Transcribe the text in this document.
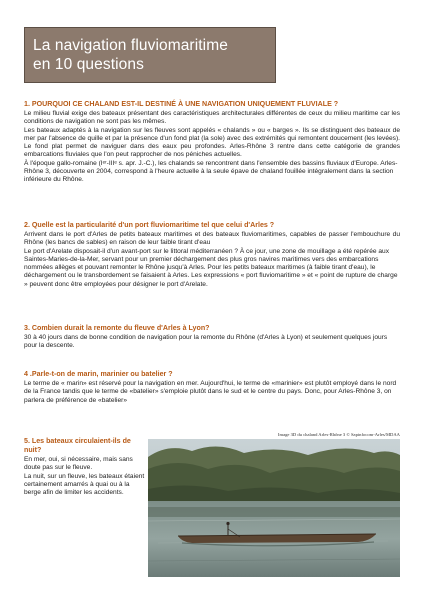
La navigation fluviomaritime
en 10 questions

1. POURQUOI CE CHALAND EST-IL DESTINÉ À UNE NAVIGATION UNIQUEMENT FLUVIALE ?

Le milieu fluvial exige des bateaux présentant des caractéristiques architecturales différentes de ceux du milieu maritime car les conditions de navigation ne sont pas les mêmes.

Les bateaux adaptés à la navigation sur les fleuves sont appelés « chalands » ou « barges ». Ils se distinguent des bateaux de mer par l'absence de quille et par la présence d'un fond plat (la sole) avec des extrémités qui remontent doucement (les levées). Le fond plat permet de naviguer dans des eaux peu profondes. Arles-Rhône 3 rentre dans cette catégorie de grandes embarcations fluviales que l'on peut rapprocher de nos péniches actuelles.

À l'époque gallo-romaine (Iᵉʳ-IIIᵉ s. apr. J.-C.), les chalands se rencontrent dans l'ensemble des bassins fluviaux d'Europe. Arles-Rhône 3, découverte en 2004, correspond à l'heure actuelle à la seule épave de chaland fouillée intégralement dans la section inférieure du Rhône.

2. Quelle est la particularité d'un port fluviomaritime tel que celui d'Arles ?

Arrivent dans le port d'Arles de petits bateaux maritimes et des bateaux fluviomaritimes, capables de passer l'embouchure du Rhône (les bancs de sables) en raison de leur faible tirant d'eau

Le port d'Arelate disposait-il d'un avant-port sur le littoral méditerranéen ? À ce jour, une zone de mouillage a été repérée aux Saintes-Maries-de-la-Mer, servant pour un premier déchargement des plus gros navires maritimes vers des embarcations nommées allèges et pouvant remonter le Rhône jusqu'à Arles. Pour les petits bateaux maritimes (à faible tirant d'eau), le déchargement ou le transbordement se faisaient à Arles. Les expressions « port fluviomaritime » et « point de rupture de charge » peuvent donc être employées pour désigner le port d'Arelate.

3. Combien durait la remonte du fleuve d'Arles à Lyon?

30 à 40 jours dans de bonne condition de navigation pour la remonte du Rhône (d'Arles à Lyon) et seulement quelques jours pour la descente.

4 .Parle-t-on de marin, marinier ou batelier ?

Le terme de « marin» est réservé pour la navigation en mer. Aujourd'hui, le terme de «marinier» est plutôt employé dans le nord de la France tandis que le terme de «batelier» s'emploie plutôt dans le sud et le centre du pays. Donc, pour Arles-Rhône 3, on parlera de préférence de «batelier»

5. Les bateaux circulaient-ils de nuit?

En mer, oui, si nécessaire, mais sans doute pas sur le fleuve.

La nuit, sur un fleuve, les bateaux étaient certainement amarrés à quai ou à la berge afin de limiter les accidents.

Image 3D du chaland Arles-Rhône 3 © Sapinfocom-Arles/MDAA
